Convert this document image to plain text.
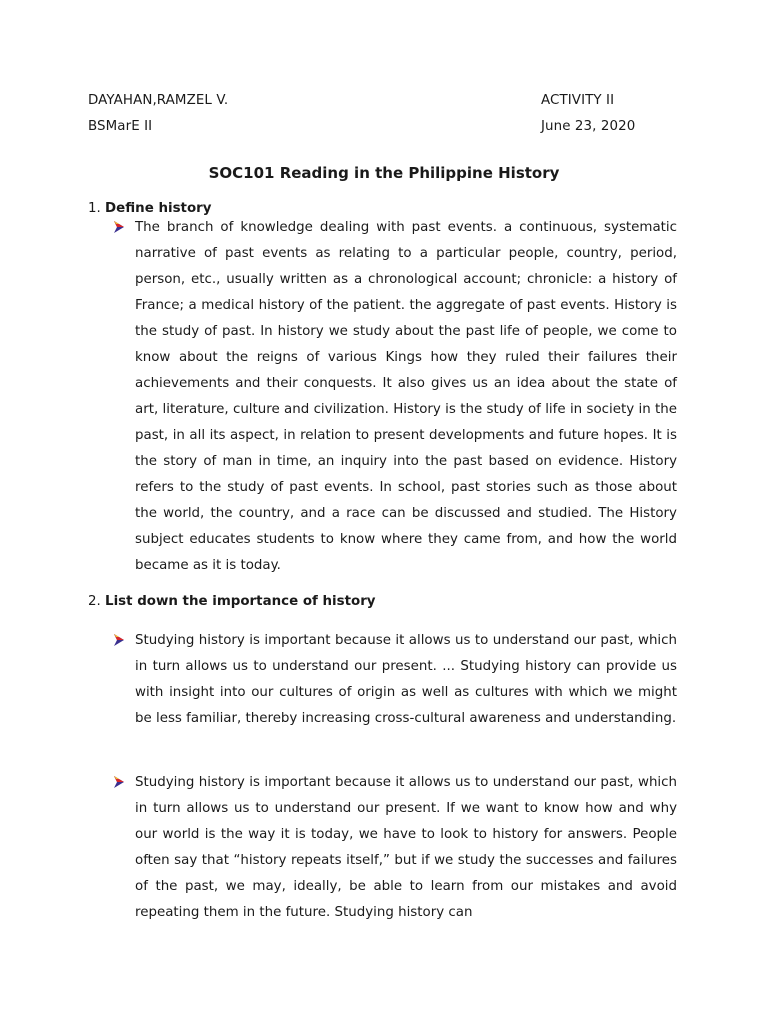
DAYAHAN,RAMZEL V.
BSMarE II
ACTIVITY II
June 23, 2020
SOC101 Reading in the Philippine History
1. Define history
The branch of knowledge dealing with past events. a continuous, systematic narrative of past events as relating to a particular people, country, period, person, etc., usually written as a chronological account; chronicle: a history of France; a medical history of the patient. the aggregate of past events. History is the study of past. In history we study about the past life of people, we come to know about the reigns of various Kings how they ruled their failures their achievements and their conquests. It also gives us an idea about the state of art, literature, culture and civilization. History is the study of life in society in the past, in all its aspect, in relation to present developments and future hopes. It is the story of man in time, an inquiry into the past based on evidence. History refers to the study of past events. In school, past stories such as those about the world, the country, and a race can be discussed and studied. The History subject educates students to know where they came from, and how the world became as it is today.
2. List down the importance of history
Studying history is important because it allows us to understand our past, which in turn allows us to understand our present. ... Studying history can provide us with insight into our cultures of origin as well as cultures with which we might be less familiar, thereby increasing cross-cultural awareness and understanding.
Studying history is important because it allows us to understand our past, which in turn allows us to understand our present. If we want to know how and why our world is the way it is today, we have to look to history for answers. People often say that “history repeats itself,” but if we study the successes and failures of the past, we may, ideally, be able to learn from our mistakes and avoid repeating them in the future. Studying history can
